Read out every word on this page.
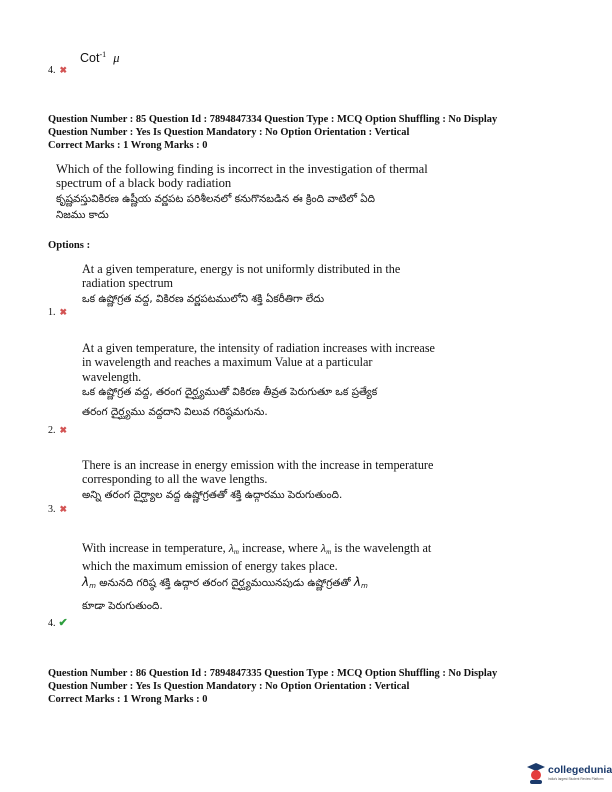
Cot$^{-1}$ μ
4. ✖
Question Number : 85 Question Id : 7894847334 Question Type : MCQ Option Shuffling : No Display
Question Number : Yes Is Question Mandatory : No Option Orientation : Vertical
Correct Marks : 1 Wrong Marks : 0
Which of the following finding is incorrect in the investigation of thermal
spectrum of a black body radiation
కృష్ణవస్తువికిరణ ఉష్ణీయ వర్ణపట పరిశీలనలో కనుగొనబడిన ఈ క్రింది వాటిలో ఏది
నిజము కాదు
Options :
At a given temperature, energy is not uniformly distributed in the
radiation spectrum
ఒక ఉష్ణోగ్రత వద్ద, వికిరణ వర్ణపటములోని శక్తి ఏకరీతిగా లేదు
1. ✖
At a given temperature, the intensity of radiation increases with increase
in wavelength and reaches a maximum Value at a particular
wavelength.
ఒక ఉష్ణోగ్రత వద్ద, తరంగ దైర్ఘ్యముతో వికిరణ తీవ్రత పెరుగుతూ ఒక ప్రత్యేక
తరంగ దైర్ఘ్యము వద్దదాని విలువ గరిష్ఠమగును.
2. ✖
There is an increase in energy emission with the increase in temperature
corresponding to all the wave lengths.
అన్ని తరంగ దైర్ఘ్యాల వద్ద ఉష్ణోగ్రతతో శక్తి ఉద్గారము పెరుగుతుంది.
3. ✖
With increase in temperature, $\lambda_m$ increase, where $\lambda_m$ is the wavelength at
which the maximum emission of energy takes place.
$\lambda_m$ అనునది గరిష్ఠ శక్తి ఉద్గార తరంగ దైర్ఘ్యమయినపుడు ఉష్ణోగ్రతతో $\lambda_m$
కూడా పెరుగుతుంది.
4. ✔
Question Number : 86 Question Id : 7894847335 Question Type : MCQ Option Shuffling : No Display
Question Number : Yes Is Question Mandatory : No Option Orientation : Vertical
Correct Marks : 1 Wrong Marks : 0
collegedunia
India's largest Student Review Platform
